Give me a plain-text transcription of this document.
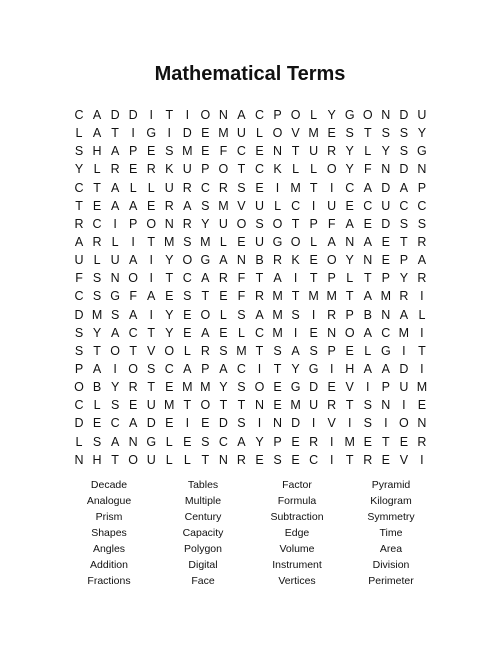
Mathematical Terms
C A D D I T I O N A C P O L Y G O N D U
L A T I G I D E M U L O V M E S T S S Y
S H A P E S M E F C E N T U R Y L Y S G
Y L R E R K U P O T C K L L O Y F N D N
C T A L L U R C R S E I M T I C A D A P
T E A A E R A S M V U L C I U E C U C C
R C I P O N R Y U O S O T P F A E D S S
A R L I T M S M L E U G O L A N A E T R
U L U A I Y O G A N B R K E O Y N E P A
F S N O I T C A R F T A I T P L T P Y R
C S G F A E S T E F R M T M M T A M R I
D M S A I Y E O L S A M S I R P B N A L
S Y A C T Y E A E L C M I E N O A C M I
S T O T V O L R S M T S A S P E L G I T
P A I O S C A P A C I T Y G I H A A D I
O B Y R T E M M Y S O E G D E V I P U M
C L S E U M T O T T N E M U R T S N I E
D E C A D E I E D S I N D I V I S I O N
L S A N G L E S C A Y P E R I M E T E R
N H T O U L L T N R E S E C I T R E V I
Decade	Tables	Factor	Pyramid
Analogue	Multiple	Formula	Kilogram
Prism	Century	Subtraction	Symmetry
Shapes	Capacity	Edge	Time
Angles	Polygon	Volume	Area
Addition	Digital	Instrument	Division
Fractions	Face	Vertices	Perimeter
